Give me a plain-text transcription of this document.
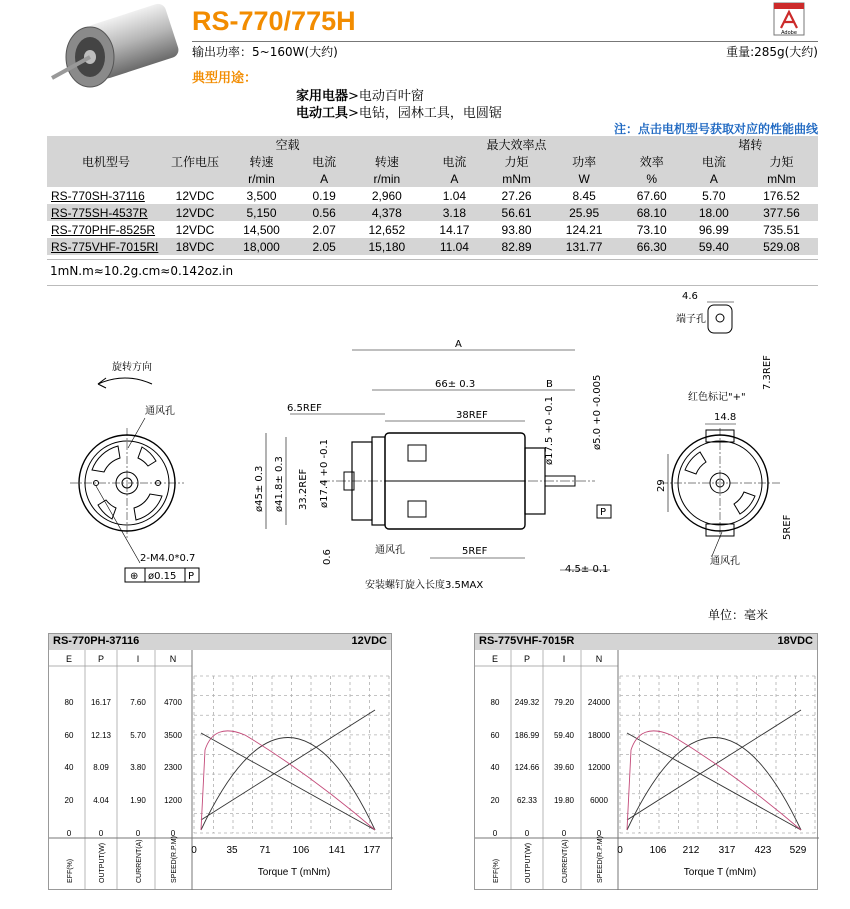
RS-770/775H	Adobe
输出功率：5~160W(大约)	重量:285g(大约)
典型用途：
家用电器>电动百叶窗
电动工具>电钻，园林工具，电圆锯
注：点击电机型号获取对应的性能曲线
		空载		最大效率点					堵转	
电机型号	工作电压	转速	电流	转速	电流	力矩	功率	效率	电流	力矩
		r/min	A	r/min	A	mNm	W	%	A	mNm
RS-770SH-37116	12VDC	3,500	0.19	2,960	1.04	27.26	8.45	67.60	5.70	176.52
RS-775SH-4537R	12VDC	5,150	0.56	4,378	3.18	56.61	25.95	68.10	18.00	377.56
RS-770PHF-8525R	12VDC	14,500	2.07	12,652	14.17	93.80	124.21	73.10	96.99	735.51
RS-775VHF-7015RI	18VDC	18,000	2.05	15,180	11.04	82.89	131.77	66.30	59.40	529.08
1mN.m≈10.2g.cm≈0.142oz.in
旋转方向
通风孔
2-M4.0*0.7
⊕ ø0.15 P
A
66± 0.3	B
6.5REF
38REF	ø17.5 +0 -0.1	ø5.0 +0 -0.005
ø45± 0.3 ø41.8± 0.3 33.2REF ø17.4 +0 -0.1
0.6	5REF
通风孔
4.5± 0.1
安装螺钉旋入长度3.5MAX
P
4.6
端子孔
7.3REF
红色标记"+"
14.8
29
5REF
通风孔
单位：毫米
RS-770PH-37116	12VDC
E	P	I	N
80 16.17 7.60 4700
60 12.13 5.70 3500
40 8.09	3.80 2300
20 4.04	1.90 1200
0	0	0	0
EFF(%)	OUTPUT(W)	CURRENT(A)	SPEED(R.P.M) 0	35 71 106 141 177
Torque T (mNm)
RS-775VHF-7015R	18VDC
E	P	I	N
80 249.32 79.20 24000
60 186.99 59.40 18000
40 124.66 39.60 12000
20 62.33 19.80 6000
0	0	0	0
EFF(%)	OUTPUT(W)	CURRENT(A)	SPEED(R.P.M) 0	106 212 317 423 529
Torque T (mNm)
